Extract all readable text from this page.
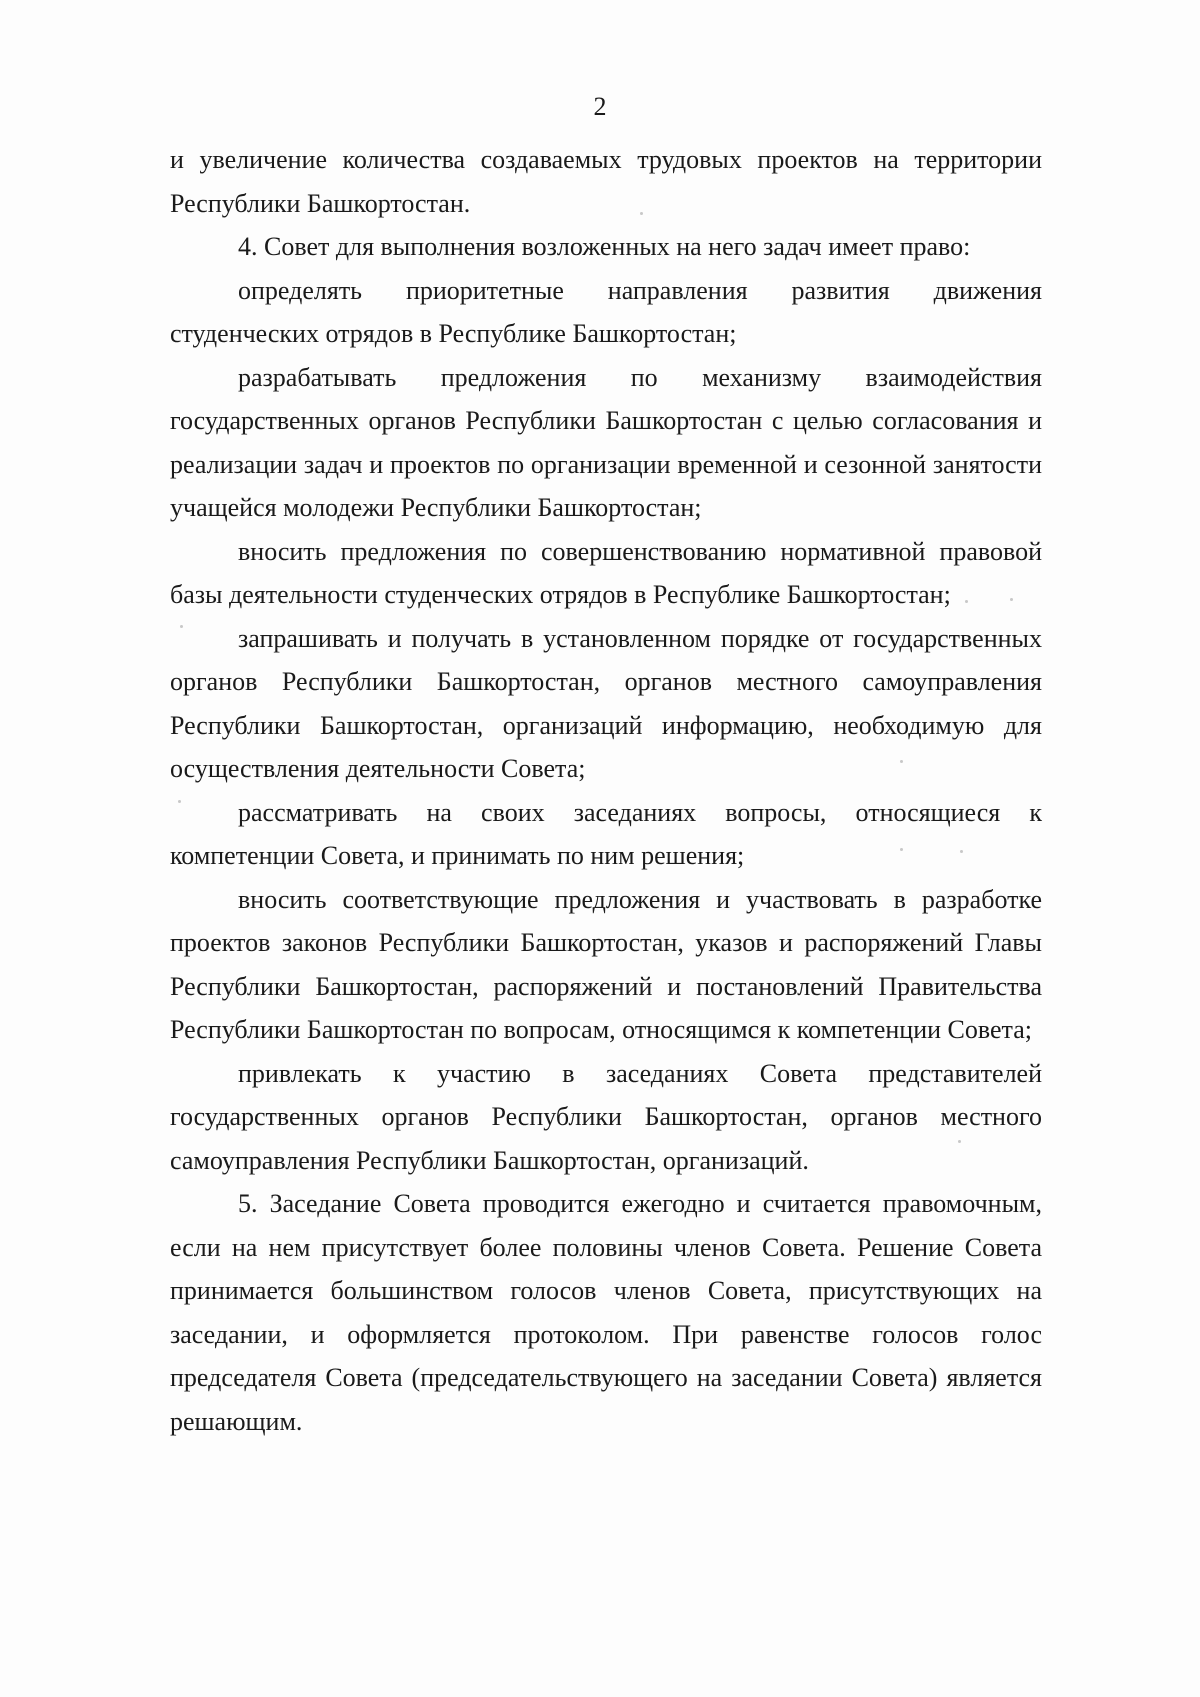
2

и увеличение количества создаваемых трудовых проектов на территории Республики Башкортостан.

4. Совет для выполнения возложенных на него задач имеет право:

определять приоритетные направления развития движения студенческих отрядов в Республике Башкортостан;

разрабатывать предложения по механизму взаимодействия государственных органов Республики Башкортостан с целью согласования и реализации задач и проектов по организации временной и сезонной занятости учащейся молодежи Республики Башкортостан;

вносить предложения по совершенствованию нормативной правовой базы деятельности студенческих отрядов в Республике Башкортостан;

запрашивать и получать в установленном порядке от государственных органов Республики Башкортостан, органов местного самоуправления Республики Башкортостан, организаций информацию, необходимую для осуществления деятельности Совета;

рассматривать на своих заседаниях вопросы, относящиеся к компетенции Совета, и принимать по ним решения;

вносить соответствующие предложения и участвовать в разработке проектов законов Республики Башкортостан, указов и распоряжений Главы Республики Башкортостан, распоряжений и постановлений Правительства Республики Башкортостан по вопросам, относящимся к компетенции Совета;

привлекать к участию в заседаниях Совета представителей государственных органов Республики Башкортостан, органов местного самоуправления Республики Башкортостан, организаций.

5. Заседание Совета проводится ежегодно и считается правомочным, если на нем присутствует более половины членов Совета. Решение Совета принимается большинством голосов членов Совета, присутствующих на заседании, и оформляется протоколом. При равенстве голосов голос председателя Совета (председательствующего на заседании Совета) является решающим.
